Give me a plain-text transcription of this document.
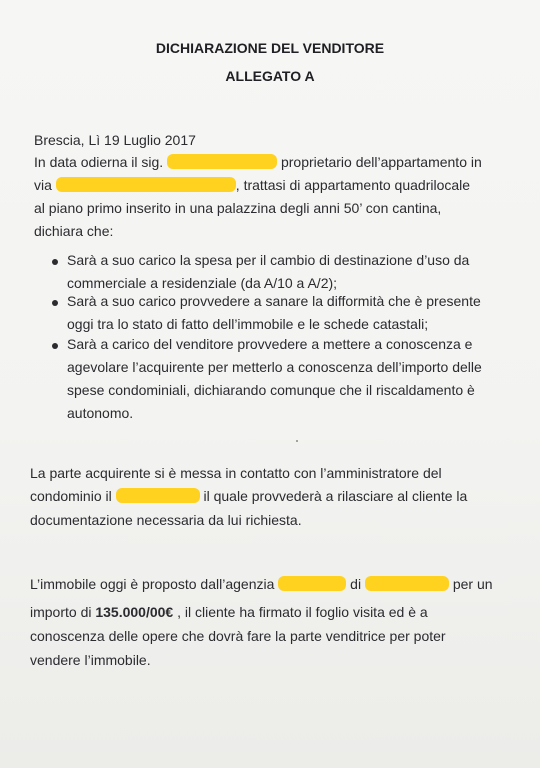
DICHIARAZIONE DEL VENDITORE
ALLEGATO A
Brescia, Lì 19 Luglio 2017
In data odierna il sig.	proprietario dell’appartamento in
via	, trattasi di appartamento quadrilocale
al piano primo inserito in una palazzina degli anni 50’ con cantina,
dichiara che:
Sarà a suo carico la spesa per il cambio di destinazione d’uso da
commerciale a residenziale (da A/10 a A/2);
Sarà a suo carico provvedere a sanare la difformità che è presente
oggi tra lo stato di fatto dell’immobile e le schede catastali;
Sarà a carico del venditore provvedere a mettere a conoscenza e
agevolare l’acquirente per metterlo a conoscenza dell’importo delle
spese condominiali, dichiarando comunque che il riscaldamento è
autonomo.
La parte acquirente si è messa in contatto con l’amministratore del
condominio il	il quale provvederà a rilasciare al cliente la
documentazione necessaria da lui richiesta.
L’immobile oggi è proposto dall’agenzia	di	per un
importo di 135.000/00€ , il cliente ha firmato il foglio visita ed è a
conoscenza delle opere che dovrà fare la parte venditrice per poter
vendere l’immobile.
